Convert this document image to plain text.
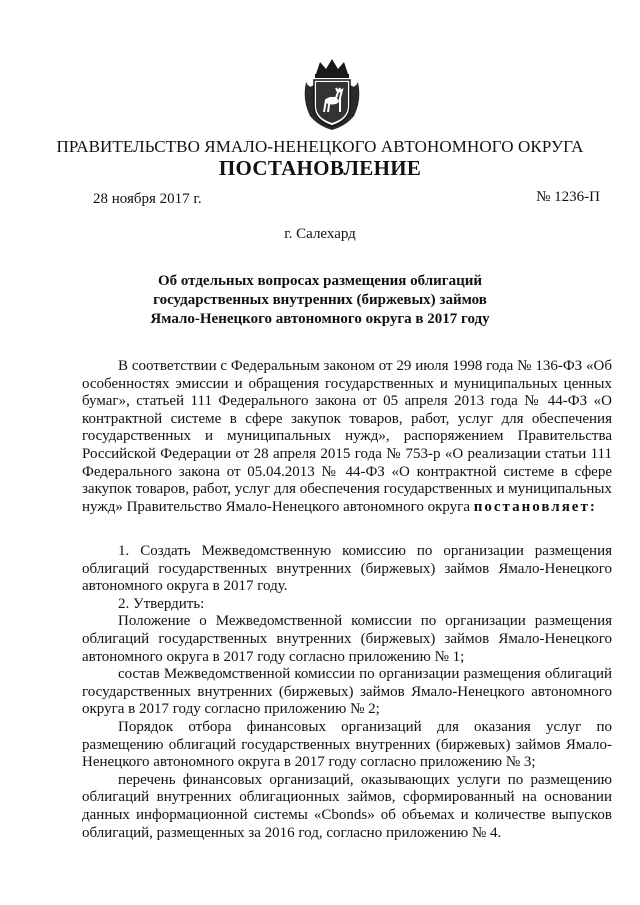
ПРАВИТЕЛЬСТВО ЯМАЛО-НЕНЕЦКОГО АВТОНОМНОГО ОКРУГА
ПОСТАНОВЛЕНИЕ
28 ноября 2017 г.	№ 1236-П
г. Салехард
Об отдельных вопросах размещения облигаций
государственных внутренних (биржевых) займов
Ямало-Ненецкого автономного округа в 2017 году

В соответствии с Федеральным законом от 29 июля 1998 года № 136-ФЗ «Об особенностях эмиссии и обращения государственных и муниципальных ценных бумаг», статьей 111 Федерального закона от 05 апреля 2013 года № 44-ФЗ «О контрактной системе в сфере закупок товаров, работ, услуг для обеспечения государственных и муниципальных нужд», распоряжением Правительства Российской Федерации от 28 апреля 2015 года № 753-р «О реализации статьи 111 Федерального закона от 05.04.2013 № 44-ФЗ «О контрактной системе в сфере закупок товаров, работ, услуг для обеспечения государственных и муниципальных нужд» Правительство Ямало-Ненецкого автономного округа постановляет:

1. Создать Межведомственную комиссию по организации размещения облигаций государственных внутренних (биржевых) займов Ямало-Ненецкого автономного округа в 2017 году.

2. Утвердить:

Положение о Межведомственной комиссии по организации размещения облигаций государственных внутренних (биржевых) займов Ямало-Ненецкого автономного округа в 2017 году согласно приложению № 1;

состав Межведомственной комиссии по организации размещения облигаций государственных внутренних (биржевых) займов Ямало-Ненецкого автономного округа в 2017 году согласно приложению № 2;

Порядок отбора финансовых организаций для оказания услуг по размещению облигаций государственных внутренних (биржевых) займов Ямало-Ненецкого автономного округа в 2017 году согласно приложению № 3;

перечень финансовых организаций, оказывающих услуги по размещению облигаций внутренних облигационных займов, сформированный на основании данных информационной системы «Cbonds» об объемах и количестве выпусков облигаций, размещенных за 2016 год, согласно приложению № 4.
